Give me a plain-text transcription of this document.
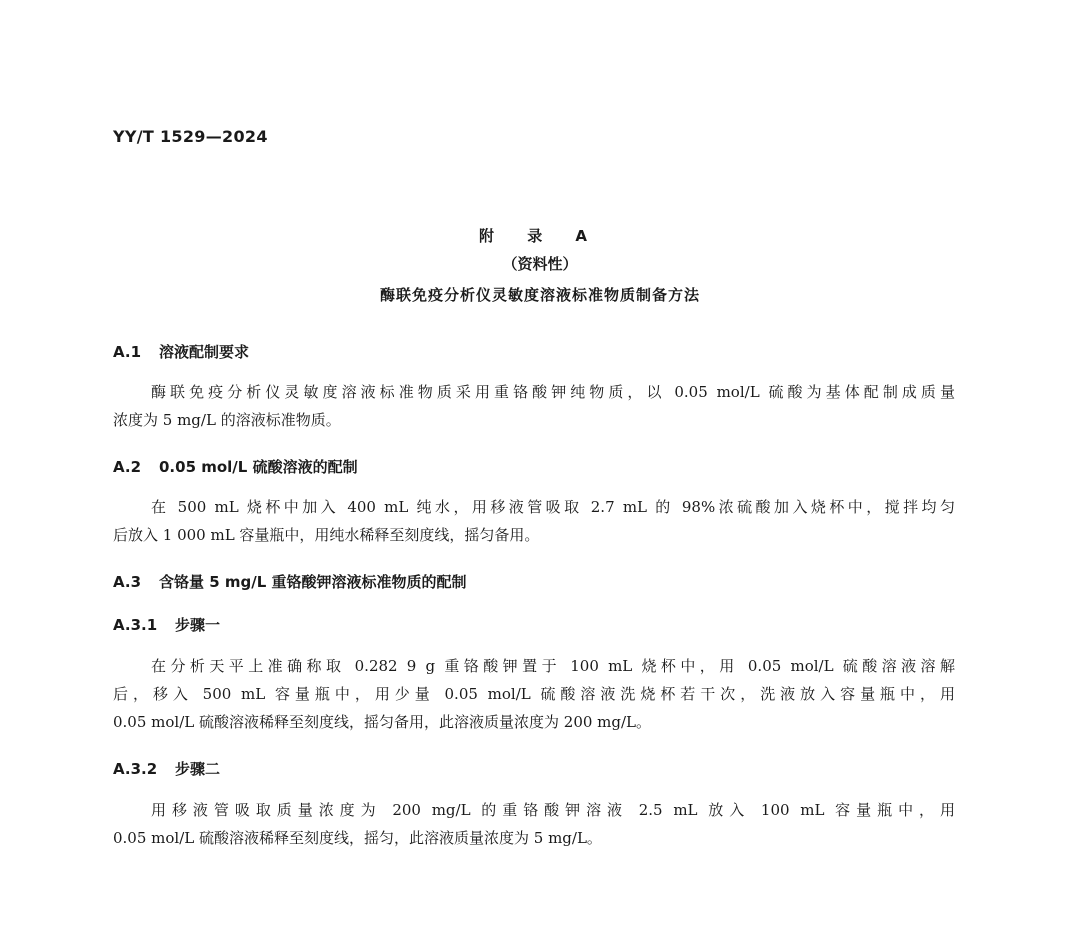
YY/T 1529—2024
附 录 A
（资料性）
酶联免疫分析仪灵敏度溶液标准物质制备方法
A.1 溶液配制要求
酶联免疫分析仪灵敏度溶液标准物质采用重铬酸钾纯物质，以 0.05 mol/L 硫酸为基体配制成质量
浓度为 5 mg/L 的溶液标准物质。
A.2 0.05 mol/L 硫酸溶液的配制
在 500 mL 烧杯中加入 400 mL 纯水，用移液管吸取 2.7 mL 的 98%浓硫酸加入烧杯中，搅拌均匀
后放入 1 000 mL 容量瓶中，用纯水稀释至刻度线，摇匀备用。
A.3 含铬量 5 mg/L 重铬酸钾溶液标准物质的配制
A.3.1 步骤一
在分析天平上准确称取 0.282 9 g 重铬酸钾置于 100 mL 烧杯中，用 0.05 mol/L 硫酸溶液溶解
后，移入 500 mL 容量瓶中，用少量 0.05 mol/L 硫酸溶液洗烧杯若干次，洗液放入容量瓶中，用
0.05 mol/L 硫酸溶液稀释至刻度线，摇匀备用，此溶液质量浓度为 200 mg/L。
A.3.2 步骤二
用移液管吸取质量浓度为 200 mg/L 的重铬酸钾溶液 2.5 mL 放入 100 mL 容量瓶中，用
0.05 mol/L 硫酸溶液稀释至刻度线，摇匀，此溶液质量浓度为 5 mg/L。
